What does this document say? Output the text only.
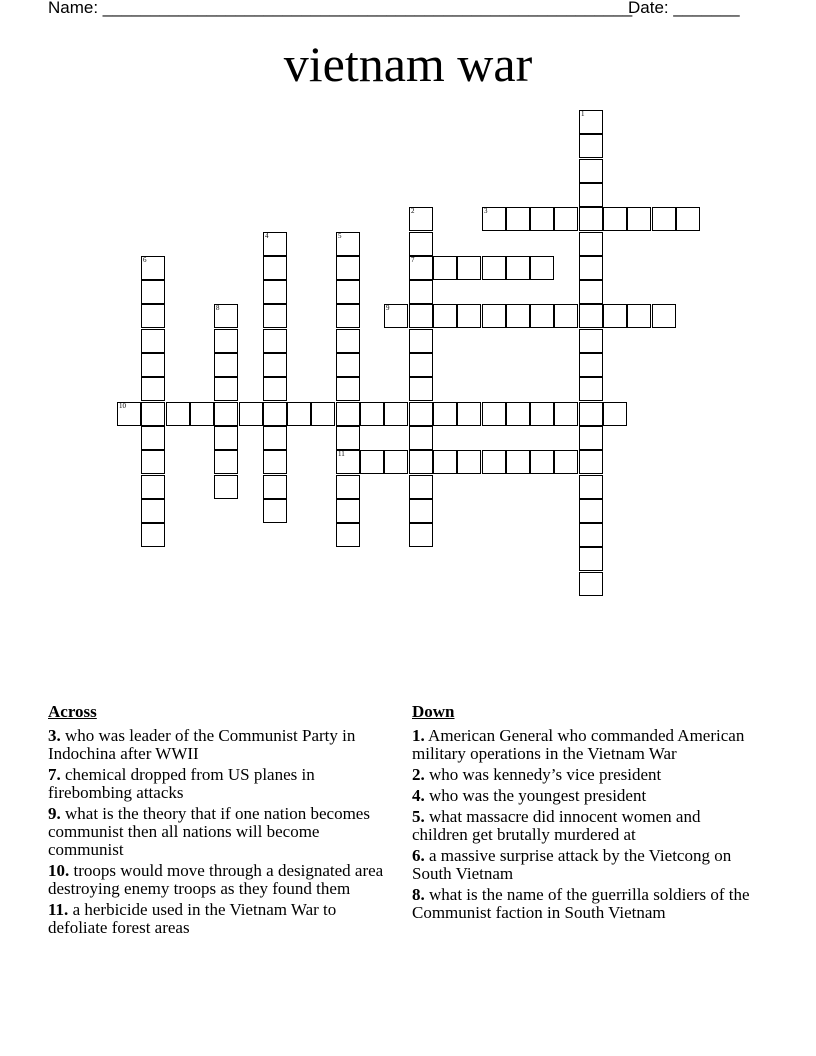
Name: ________________________________________________________
Date: _______
vietnam war
1
2
7
3
4	5
11
6
8	9
10
Across
3. who was leader of the Communist Party in Indochina after WWII
7. chemical dropped from US planes in firebombing attacks
9. what is the theory that if one nation becomes communist then all nations will become communist
10. troops would move through a designated area destroying enemy troops as they found them
11. a herbicide used in the Vietnam War to defoliate forest areas
Down
1. American General who commanded American military operations in the Vietnam War
2. who was kennedy’s vice president
4. who was the youngest president
5. what massacre did innocent women and children get brutally murdered at
6. a massive surprise attack by the Vietcong on South Vietnam
8. what is the name of the guerrilla soldiers of the Communist faction in South Vietnam
